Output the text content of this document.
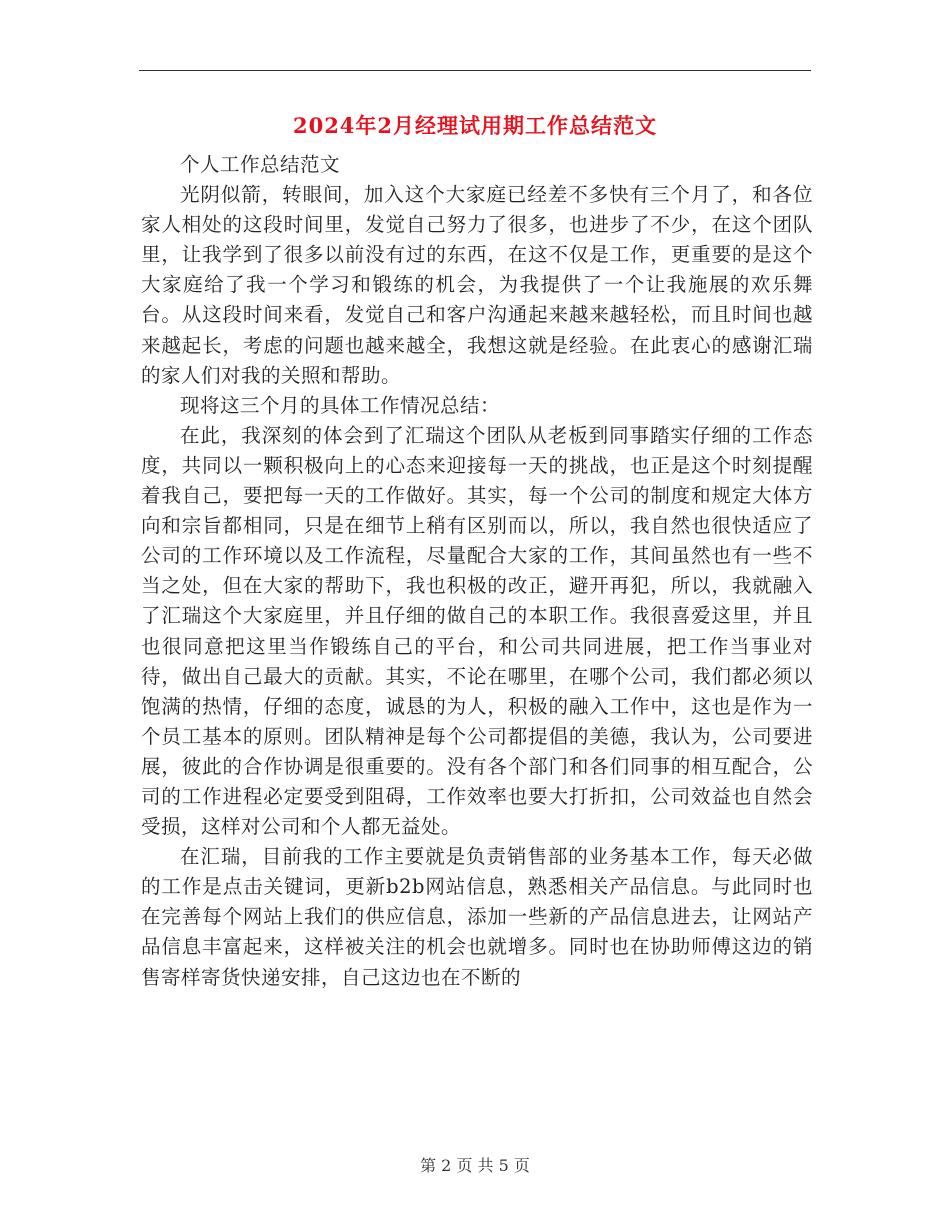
2024年2月经理试用期工作总结范文

个人工作总结范文

光阴似箭，转眼间，加入这个大家庭已经差不多快有三个月了，和各位家人相处的这段时间里，发觉自己努力了很多，也进步了不少，在这个团队里，让我学到了很多以前没有过的东西，在这不仅是工作，更重要的是这个大家庭给了我一个学习和锻练的机会，为我提供了一个让我施展的欢乐舞台。从这段时间来看，发觉自己和客户沟通起来越来越轻松，而且时间也越来越起长，考虑的问题也越来越全，我想这就是经验。在此衷心的感谢汇瑞的家人们对我的关照和帮助。

现将这三个月的具体工作情况总结：

在此，我深刻的体会到了汇瑞这个团队从老板到同事踏实仔细的工作态度，共同以一颗积极向上的心态来迎接每一天的挑战，也正是这个时刻提醒着我自己，要把每一天的工作做好。其实，每一个公司的制度和规定大体方向和宗旨都相同，只是在细节上稍有区别而以，所以，我自然也很快适应了公司的工作环境以及工作流程，尽量配合大家的工作，其间虽然也有一些不当之处，但在大家的帮助下，我也积极的改正，避开再犯，所以，我就融入了汇瑞这个大家庭里，并且仔细的做自己的本职工作。我很喜爱这里，并且也很同意把这里当作锻练自己的平台，和公司共同进展，把工作当事业对待，做出自己最大的贡献。其实，不论在哪里，在哪个公司，我们都必须以饱满的热情，仔细的态度，诚恳的为人，积极的融入工作中，这也是作为一个员工基本的原则。团队精神是每个公司都提倡的美德，我认为，公司要进展，彼此的合作协调是很重要的。没有各个部门和各们同事的相互配合，公司的工作进程必定要受到阻碍，工作效率也要大打折扣，公司效益也自然会受损，这样对公司和个人都无益处。

在汇瑞，目前我的工作主要就是负责销售部的业务基本工作，每天必做的工作是点击关键词，更新b2b网站信息，熟悉相关产品信息。与此同时也在完善每个网站上我们的供应信息，添加一些新的产品信息进去，让网站产品信息丰富起来，这样被关注的机会也就增多。同时也在协助师傅这边的销售寄样寄货快递安排，自己这边也在不断的

第 2 页 共 5 页
